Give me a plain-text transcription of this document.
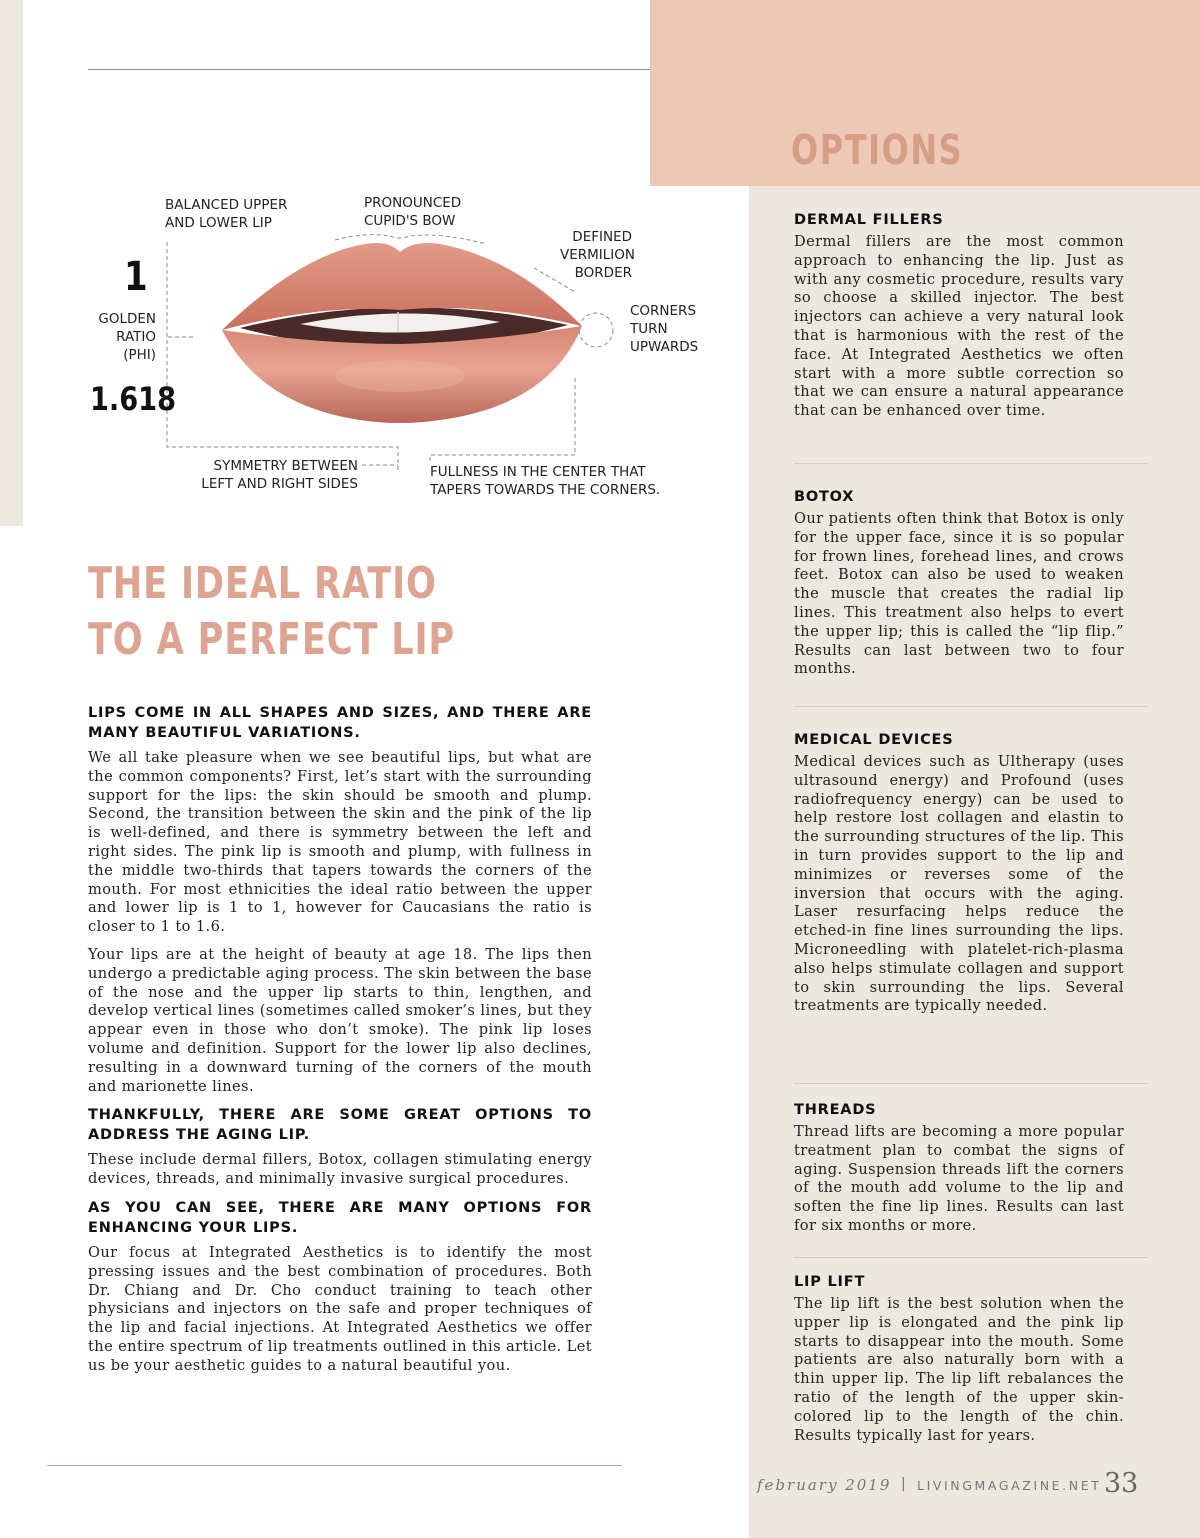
OPTIONS
BALANCED UPPER
AND LOWER LIP
PRONOUNCED
CUPID'S BOW
DEFINED
VERMILION
BORDER
CORNERS
TURN
UPWARDS
1
GOLDEN
RATIO
(PHI)
1.618
SYMMETRY BETWEEN
LEFT AND RIGHT SIDES
FULLNESS IN THE CENTER THAT
TAPERS TOWARDS THE CORNERS.
THE IDEAL RATIO
TO A PERFECT LIP

LIPS COME IN ALL SHAPES AND SIZES, AND THERE ARE MANY BEAUTIFUL VARIATIONS.

We all take pleasure when we see beautiful lips, but what are the common components? First, let’s start with the surrounding support for the lips: the skin should be smooth and plump. Second, the transition between the skin and the pink of the lip is well-defined, and there is symmetry between the left and right sides. The pink lip is smooth and plump, with fullness in the middle two-thirds that tapers towards the corners of the mouth. For most ethnicities the ideal ratio between the upper and lower lip is 1 to 1, however for Caucasians the ratio is closer to 1 to 1.6.

Your lips are at the height of beauty at age 18. The lips then undergo a predictable aging process. The skin between the base of the nose and the upper lip starts to thin, lengthen, and develop vertical lines (sometimes called smoker’s lines, but they appear even in those who don’t smoke). The pink lip loses volume and definition. Support for the lower lip also declines, resulting in a downward turning of the corners of the mouth and marionette lines.

THANKFULLY, THERE ARE SOME GREAT OPTIONS TO ADDRESS THE AGING LIP.

These include dermal fillers, Botox, collagen stimulating energy devices, threads, and minimally invasive surgical procedures.

AS YOU CAN SEE, THERE ARE MANY OPTIONS FOR ENHANCING YOUR LIPS.

Our focus at Integrated Aesthetics is to identify the most pressing issues and the best combination of procedures. Both Dr. Chiang and Dr. Cho conduct training to teach other physicians and injectors on the safe and proper techniques of the lip and facial injections. At Integrated Aesthetics we offer the entire spectrum of lip treatments outlined in this article. Let us be your aesthetic guides to a natural beautiful you.

DERMAL FILLERS

Dermal fillers are the most common approach to enhancing the lip. Just as with any cosmetic procedure, results vary so choose a skilled injector. The best injectors can achieve a very natural look that is harmonious with the rest of the face. At Integrated Aesthetics we often start with a more subtle correction so that we can ensure a natural appearance that can be enhanced over time.

BOTOX

Our patients often think that Botox is only for the upper face, since it is so popular for frown lines, forehead lines, and crows feet. Botox can also be used to weaken the muscle that creates the radial lip lines. This treatment also helps to evert the upper lip; this is called the “lip flip.” Results can last between two to four months.

MEDICAL DEVICES

Medical devices such as Ultherapy (uses ultrasound energy) and Profound (uses radiofrequency energy) can be used to help restore lost collagen and elastin to the surrounding structures of the lip. This in turn provides support to the lip and minimizes or reverses some of the inversion that occurs with the aging. Laser resurfacing helps reduce the etched-in fine lines surrounding the lips. Microneedling with platelet-rich-plasma also helps stimulate collagen and support to skin surrounding the lips. Several treatments are typically needed.

THREADS

Thread lifts are becoming a more popular treatment plan to combat the signs of aging. Suspension threads lift the corners of the mouth add volume to the lip and soften the fine lip lines. Results can last for six months or more.

LIP LIFT

The lip lift is the best solution when the upper lip is elongated and the pink lip starts to disappear into the mouth. Some patients are also naturally born with a thin upper lip. The lip lift rebalances the ratio of the length of the upper skin-colored lip to the length of the chin. Results typically last for years.

february 2019 | LIVINGMAGAZINE.NET 33
